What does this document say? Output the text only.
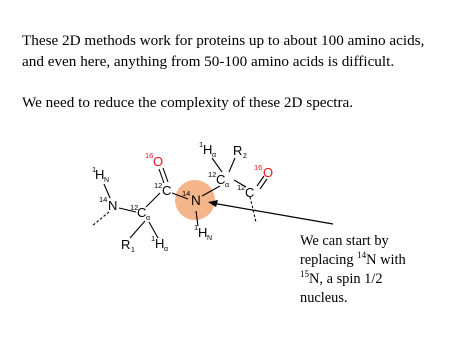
These 2D methods work for proteins up to about 100 amino acids,
and even here, anything from 50-100 amino acids is difficult.

We need to reduce the complexity of these 2D spectra.

1
H N
14 N 12
C α
R 1
1 H α
12 C
16 O
14 N
1 H N
12 C α
1 H α R 2
12 C
16 O
We can start by
replacing $^{14}$N with
$^{15}$N, a spin 1/2
nucleus.
